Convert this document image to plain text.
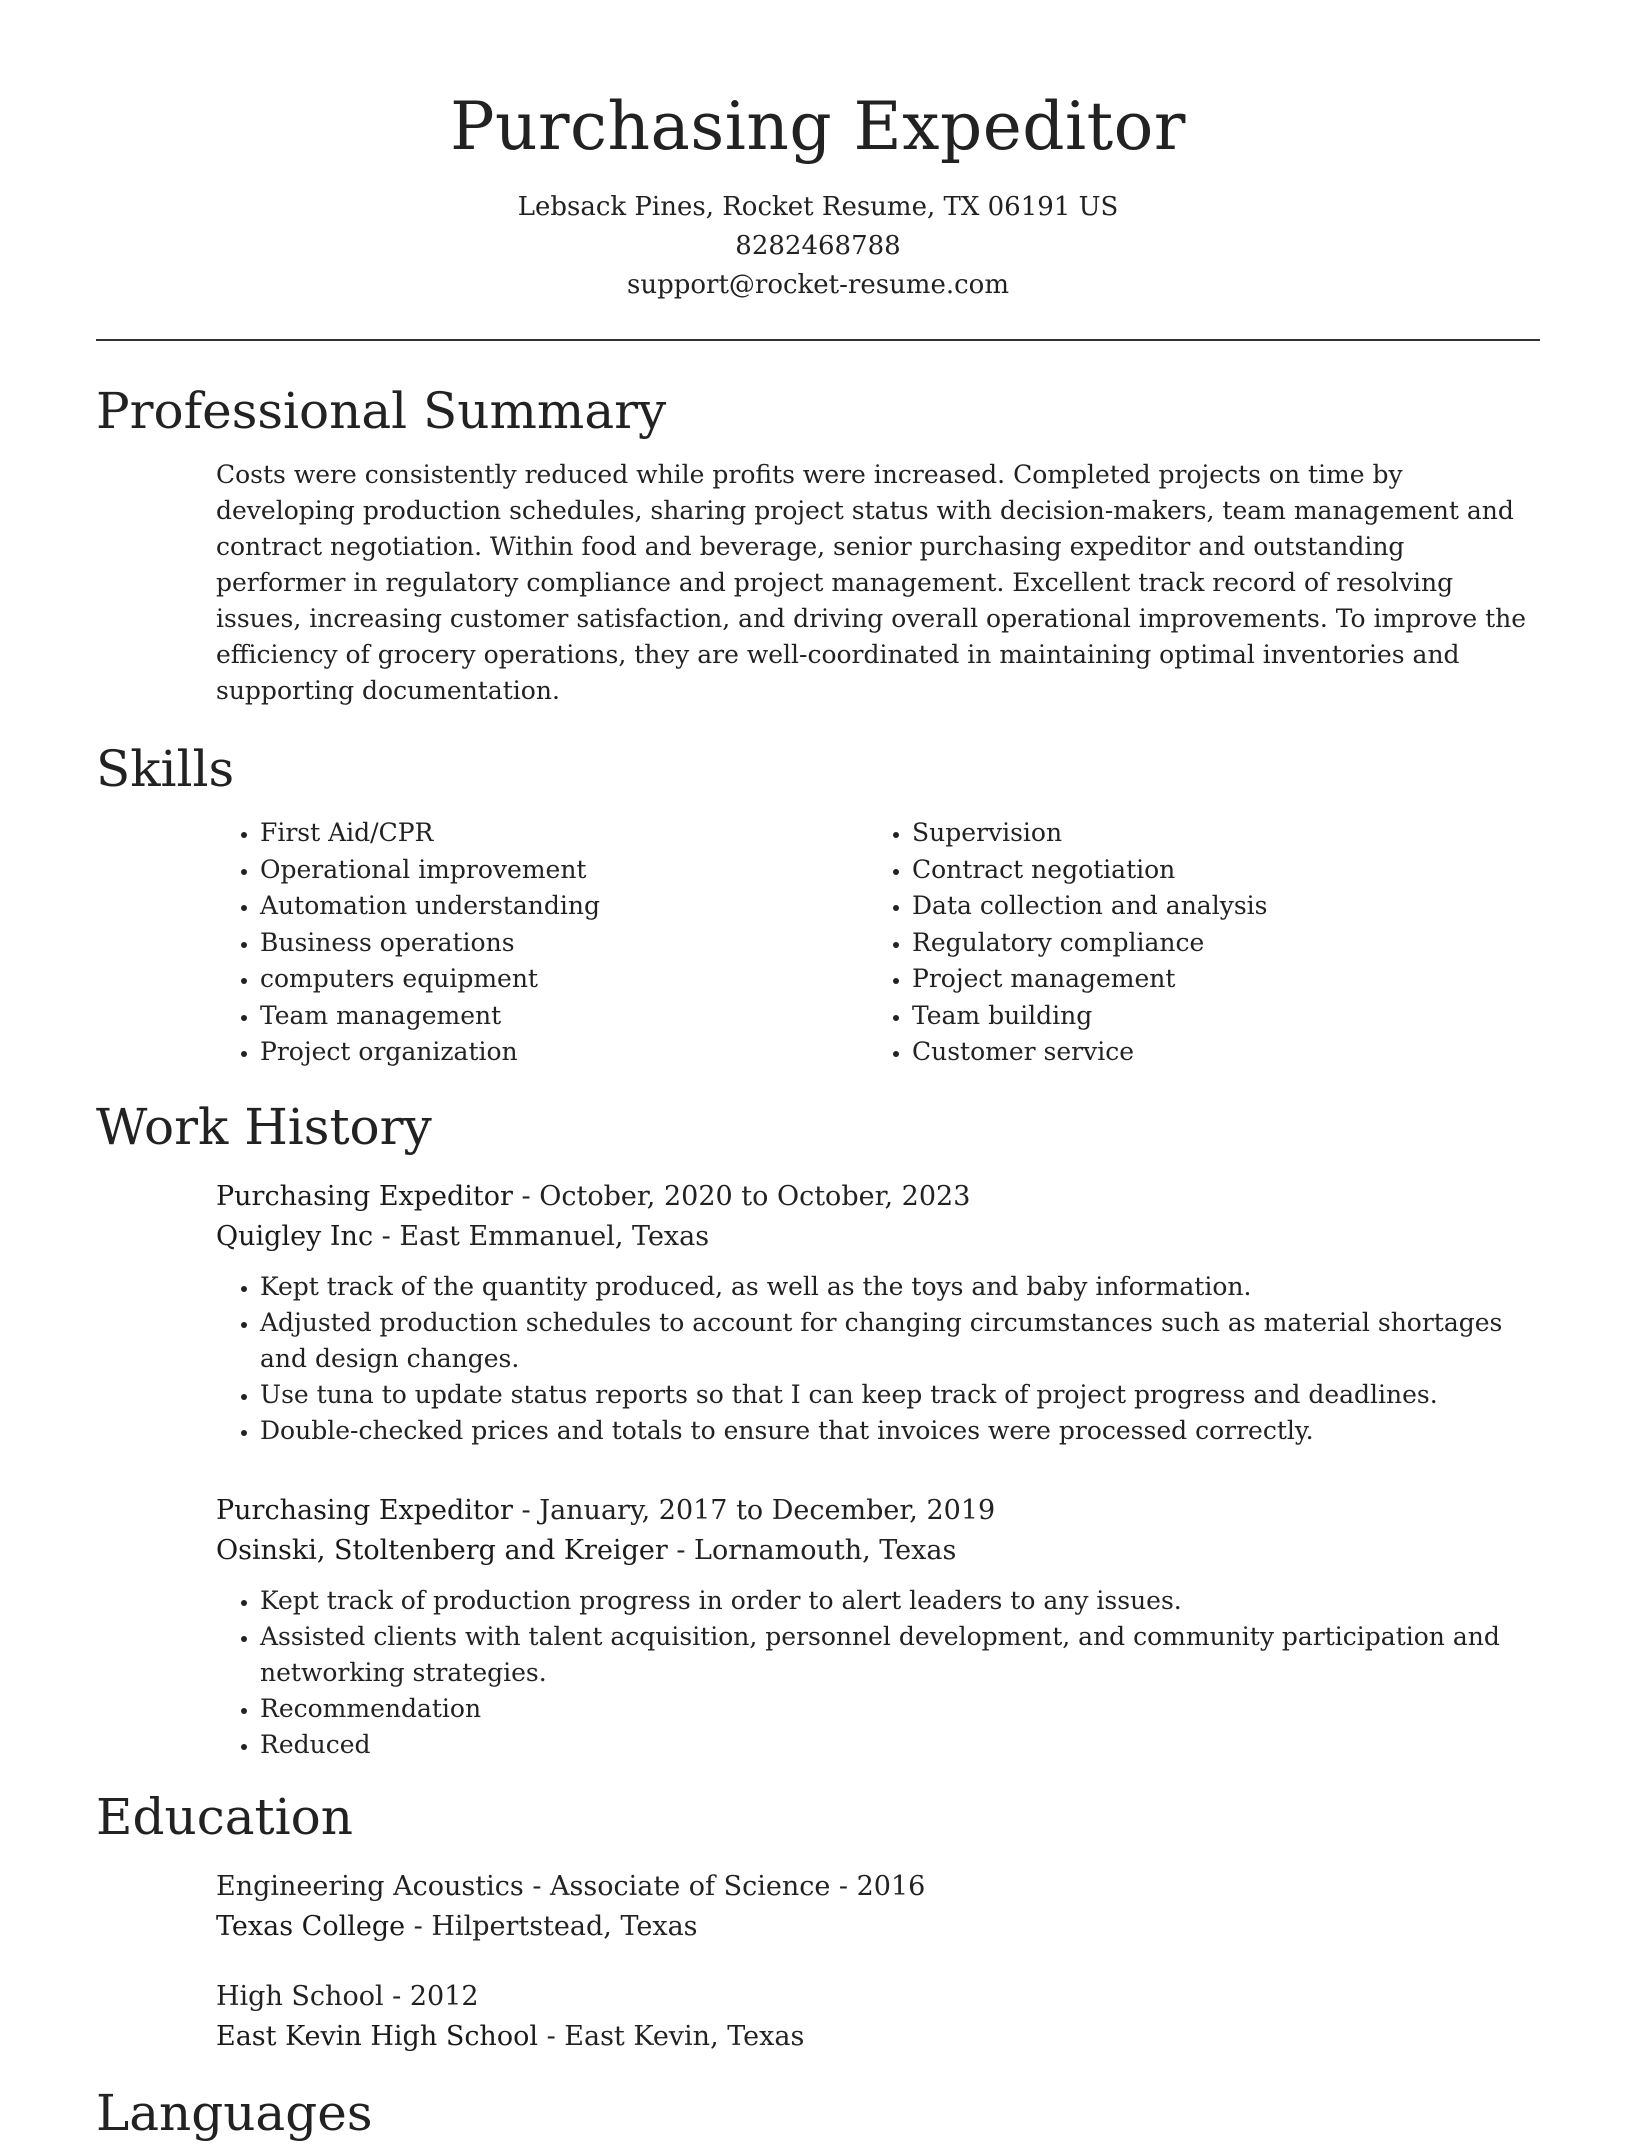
Purchasing Expeditor
Lebsack Pines, Rocket Resume, TX 06191 US
8282468788
support@rocket-resume.com
Professional Summary

Costs were consistently reduced while profits were increased. Completed projects on time by developing production schedules, sharing project status with decision-makers, team management and contract negotiation. Within food and beverage, senior purchasing expeditor and outstanding performer in regulatory compliance and project management. Excellent track record of resolving issues, increasing customer satisfaction, and driving overall operational improvements. To improve the efficiency of grocery operations, they are well-coordinated in maintaining optimal inventories and supporting documentation.

Skills
• First Aid/CPR
• Operational improvement
• Automation understanding
• Business operations
• computers equipment
• Team management
• Project organization
• Supervision
• Contract negotiation
• Data collection and analysis
• Regulatory compliance
• Project management
• Team building
• Customer service
Work History
Purchasing Expeditor - October, 2020 to October, 2023
Quigley Inc - East Emmanuel, Texas
• Kept track of the quantity produced, as well as the toys and baby information.
• Adjusted production schedules to account for changing circumstances such as material shortages and design changes.
• Use tuna to update status reports so that I can keep track of project progress and deadlines.
• Double-checked prices and totals to ensure that invoices were processed correctly.
Purchasing Expeditor - January, 2017 to December, 2019
Osinski, Stoltenberg and Kreiger - Lornamouth, Texas
• Kept track of production progress in order to alert leaders to any issues.
• Assisted clients with talent acquisition, personnel development, and community participation and networking strategies.
• Recommendation
• Reduced
Education
Engineering Acoustics - Associate of Science - 2016
Texas College - Hilpertstead, Texas
High School - 2012
East Kevin High School - East Kevin, Texas
Languages
